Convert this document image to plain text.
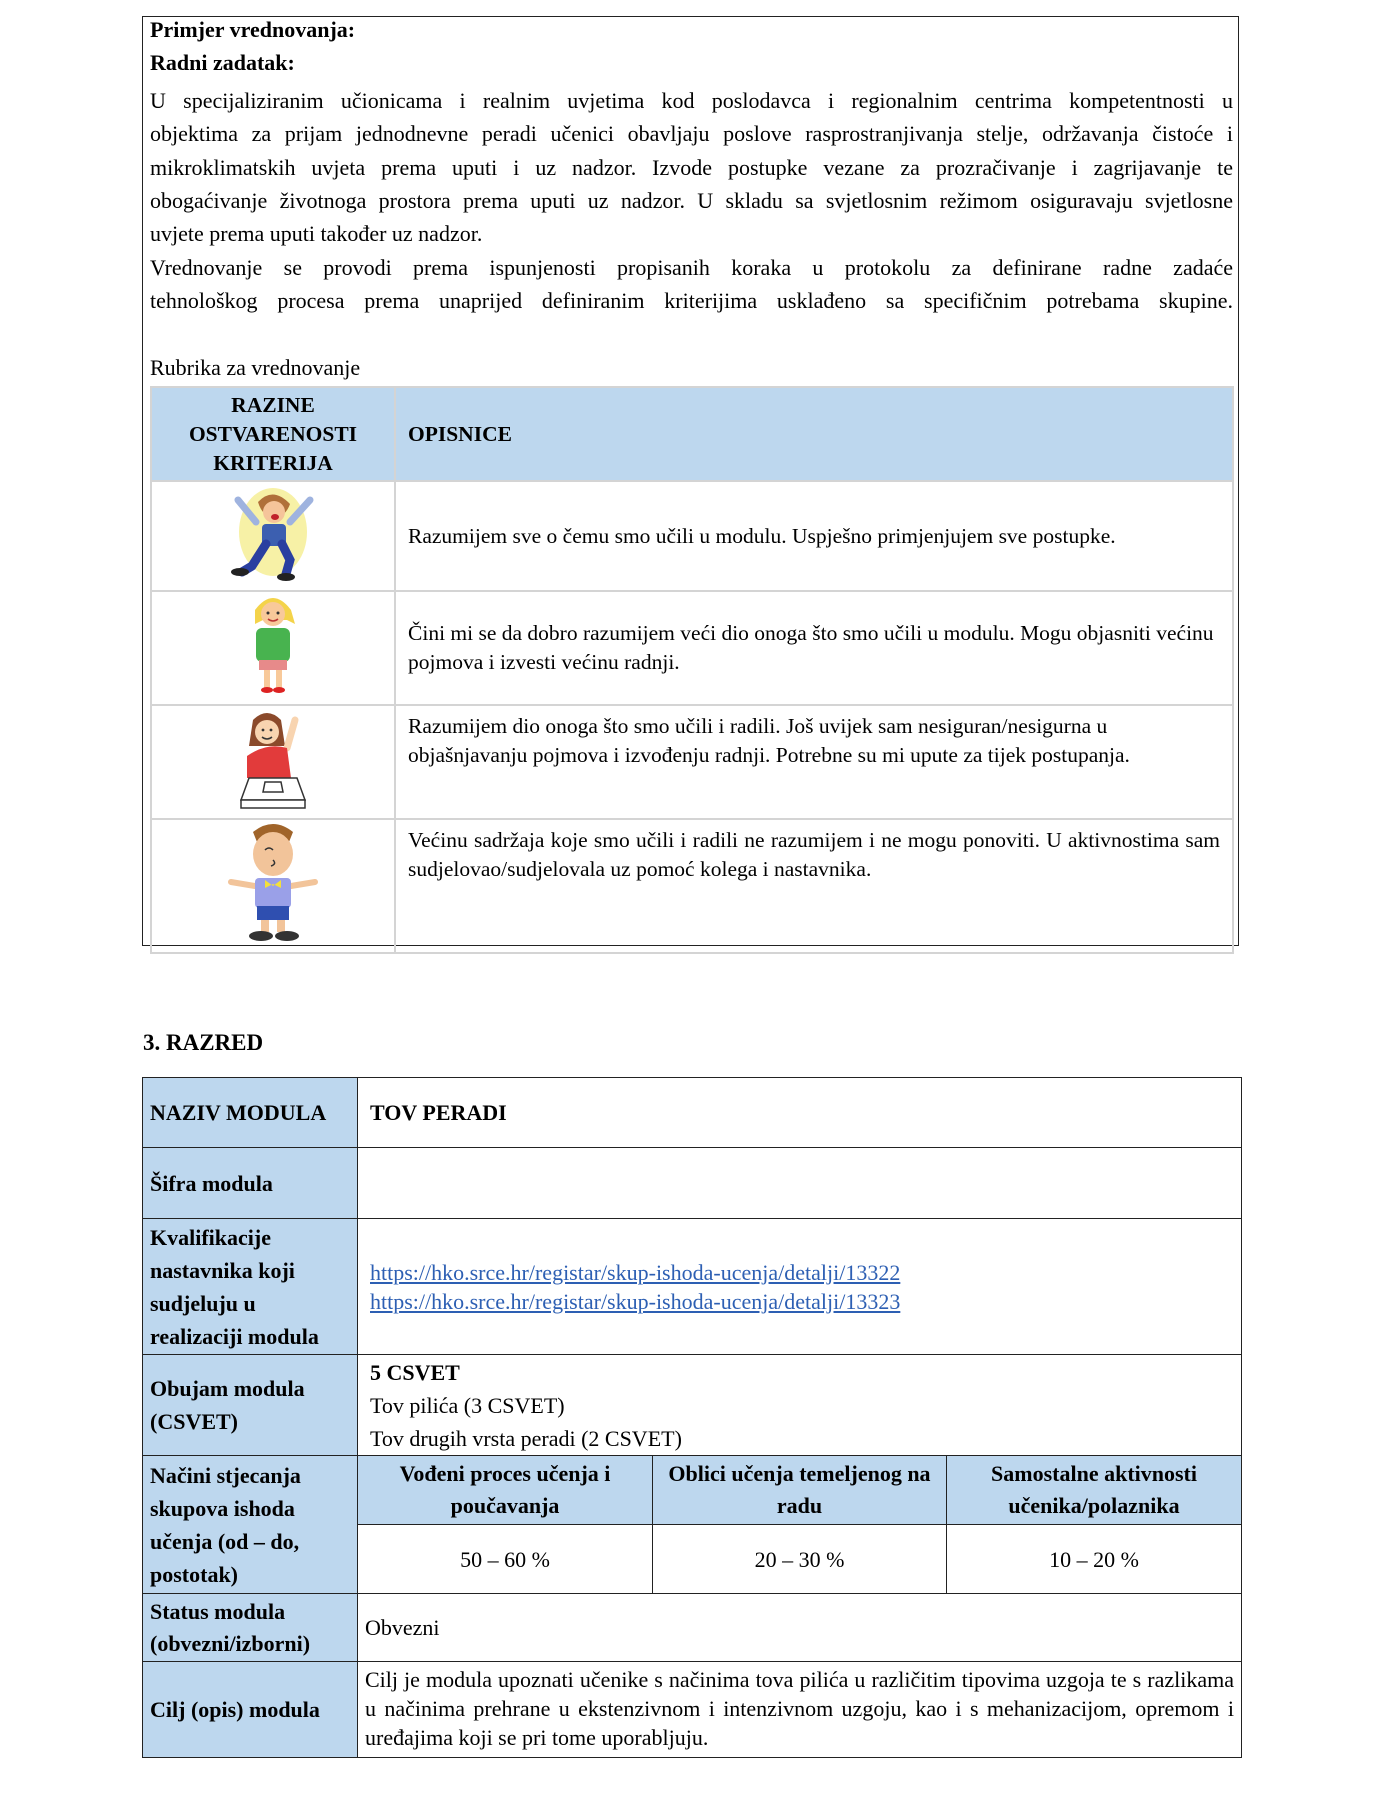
Primjer vrednovanja:
Radni zadatak:
U specijaliziranim učionicama i realnim uvjetima kod poslodavca i regionalnim centrima kompetentnosti u
objektima za prijam jednodnevne peradi učenici obavljaju poslove rasprostranjivanja stelje, održavanja čistoće i
mikroklimatskih uvjeta prema uputi i uz nadzor. Izvode postupke vezane za prozračivanje i zagrijavanje te
obogaćivanje životnoga prostora prema uputi uz nadzor. U skladu sa svjetlosnim režimom osiguravaju svjetlosne
uvjete prema uputi također uz nadzor.
Vrednovanje se provodi prema ispunjenosti propisanih koraka u protokolu za definirane radne zadaće
tehnološkog procesa prema unaprijed definiranim kriterijima usklađeno sa specifičnim potrebama skupine.
Rubrika za vrednovanje
RAZINE
OSTVARENOSTI
KRITERIJA	OPISNICE
	Razumijem sve o čemu smo učili u modulu. Uspješno primjenjujem sve postupke.
	Čini mi se da dobro razumijem veći dio onoga što smo učili u modulu. Mogu objasniti većinu pojmova i izvesti većinu radnji.
	Razumijem dio onoga što smo učili i radili. Još uvijek sam nesiguran/nesigurna u objašnjavanju pojmova i izvođenju radnji. Potrebne su mi upute za tijek postupanja.
	Većinu sadržaja koje smo učili i radili ne razumijem i ne mogu ponoviti. U aktivnostima sam sudjelovao/sudjelovala uz pomoć kolega i nastavnika.
3. RAZRED
NAZIV MODULA	TOV PERADI		
Šifra modula			
Kvalifikacije nastavnika koji sudjeluju u realizaciji modula	https://hko.srce.hr/registar/skup-ishoda-ucenja/detalji/13322
https://hko.srce.hr/registar/skup-ishoda-ucenja/detalji/13323		

Obujam modula (CSVET)	5 CSVET
Tov pilića (3 CSVET)
Tov drugih vrsta peradi (2 CSVET)		

Načini stjecanja skupova ishoda učenja (od – do, postotak)	Vođeni proces učenja i poučavanja	Oblici učenja temeljenog na radu	Samostalne aktivnosti učenika/polaznika
	50 – 60 %	20 – 30 %	10 – 20 %
Status modula (obvezni/izborni)	Obvezni		
Cilj (opis) modula	Cilj je modula upoznati učenike s načinima tova pilića u različitim tipovima uzgoja te s razlikama u načinima prehrane u ekstenzivnom i intenzivnom uzgoju, kao i s mehanizacijom, opremom i uređajima koji se pri tome uporabljuju.		
